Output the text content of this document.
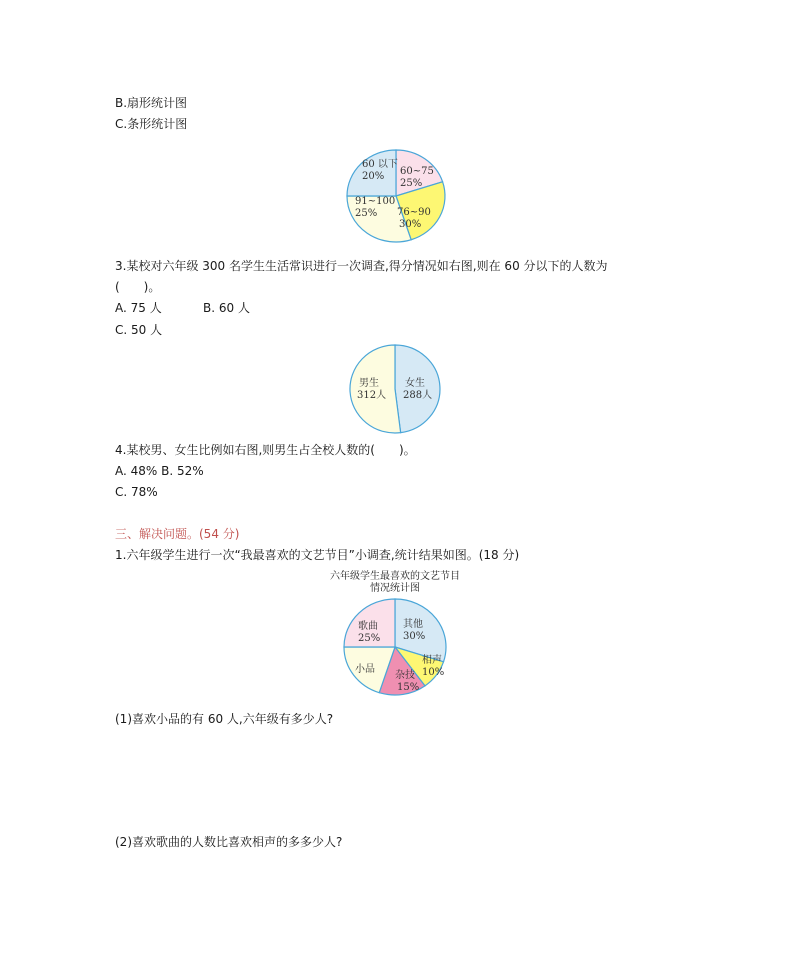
B.扇形统计图
C.条形统计图
60 以下
20% 60~75
25%
76~90
30%
91~100
25%
3.某校对六年级 300 名学生生活常识进行一次调查,得分情况如右图,则在 60 分以下的人数为
(　　)。
A. 75 人	B. 60 人
C. 50 人
男生
312人
女生
288人
4.某校男、女生比例如右图,则男生占全校人数的(　　)。
A. 48% B. 52%
C. 78%
三、解决问题。(54 分)
1.六年级学生进行一次“我最喜欢的文艺节目”小调查,统计结果如图。(18 分)
六年级学生最喜欢的文艺节目
情况统计图
歌曲
25%
其他
30%
相声
10%
杂技
15%
小品
(1)喜欢小品的有 60 人,六年级有多少人?
(2)喜欢歌曲的人数比喜欢相声的多多少人?
